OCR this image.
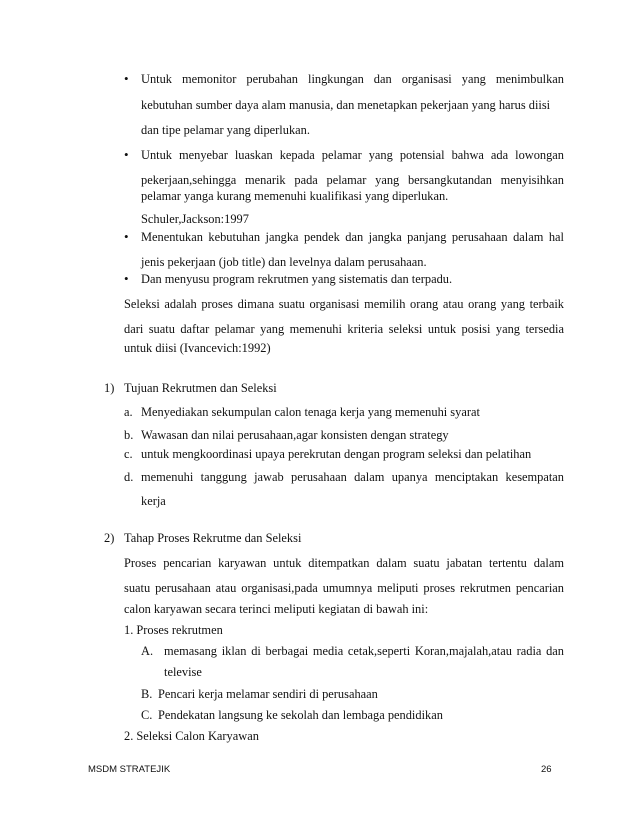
• Untuk memonitor perubahan lingkungan dan organisasi yang menimbulkan
kebutuhan sumber daya alam manusia, dan menetapkan pekerjaan yang harus diisi
dan tipe pelamar yang diperlukan.
• Untuk menyebar luaskan kepada pelamar yang potensial bahwa ada lowongan
pekerjaan,sehingga menarik pada pelamar yang bersangkutandan menyisihkan
pelamar yanga kurang memenuhi kualifikasi yang diperlukan.
Schuler,Jackson:1997
• Menentukan kebutuhan jangka pendek dan jangka panjang perusahaan dalam hal
jenis pekerjaan (job title) dan levelnya dalam perusahaan.
• Dan menyusu program rekrutmen yang sistematis dan terpadu.
Seleksi adalah proses dimana suatu organisasi memilih orang atau orang yang terbaik
dari suatu daftar pelamar yang memenuhi kriteria seleksi untuk posisi yang tersedia
untuk diisi (Ivancevich:1992)
1) Tujuan Rekrutmen dan Seleksi
a. Menyediakan sekumpulan calon tenaga kerja yang memenuhi syarat
b. Wawasan dan nilai perusahaan,agar konsisten dengan strategy
c. untuk mengkoordinasi upaya perekrutan dengan program seleksi dan pelatihan
d. memenuhi tanggung jawab perusahaan dalam upanya menciptakan kesempatan
kerja
2) Tahap Proses Rekrutme dan Seleksi
Proses pencarian karyawan untuk ditempatkan dalam suatu jabatan tertentu dalam
suatu perusahaan atau organisasi,pada umumnya meliputi proses rekrutmen pencarian
calon karyawan secara terinci meliputi kegiatan di bawah ini:
1. Proses rekrutmen
A. memasang iklan di berbagai media cetak,seperti Koran,majalah,atau radia dan
televise
B. Pencari kerja melamar sendiri di perusahaan
C. Pendekatan langsung ke sekolah dan lembaga pendidikan
2. Seleksi Calon Karyawan
MSDM STRATEJIK	26
